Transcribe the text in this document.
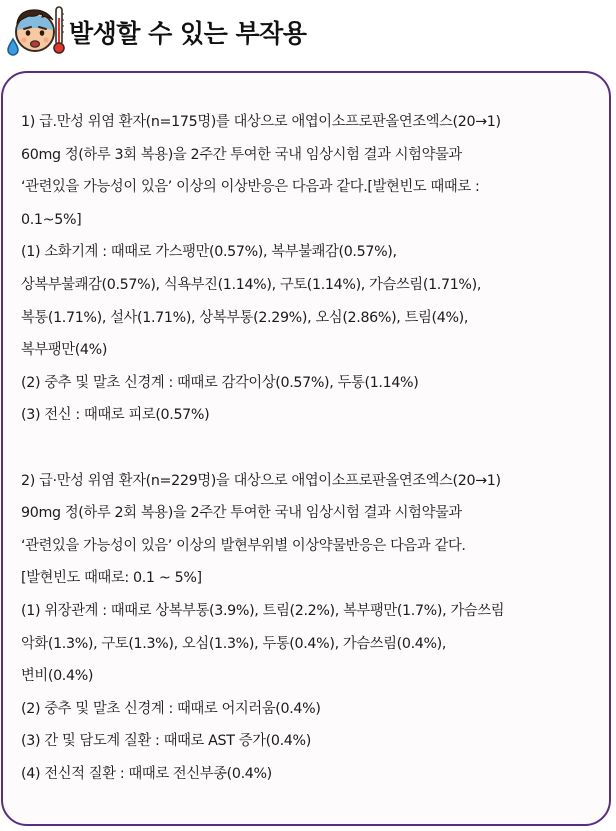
발생할 수 있는 부작용
1) 급.만성 위염 환자(n=175명)를 대상으로 애엽이소프로판올연조엑스(20→1)
60mg 정(하루 3회 복용)을 2주간 투여한 국내 임상시험 결과 시험약물과
‘관련있을 가능성이 있음’ 이상의 이상반응은 다음과 같다.[발현빈도 때때로 :
0.1~5%]
(1) 소화기계 : 때때로 가스팽만(0.57%), 복부불쾌감(0.57%),
상복부불쾌감(0.57%), 식욕부진(1.14%), 구토(1.14%), 가슴쓰림(1.71%),
복통(1.71%), 설사(1.71%), 상복부통(2.29%), 오심(2.86%), 트림(4%),
복부팽만(4%)
(2) 중추 및 말초 신경계 : 때때로 감각이상(0.57%), 두통(1.14%)
(3) 전신 : 때때로 피로(0.57%)
2) 급·만성 위염 환자(n=229명)을 대상으로 애엽이소프로판올연조엑스(20→1)
90mg 정(하루 2회 복용)을 2주간 투여한 국내 임상시험 결과 시험약물과
‘관련있을 가능성이 있음’ 이상의 발현부위별 이상약물반응은 다음과 같다.
[발현빈도 때때로: 0.1 ~ 5%]
(1) 위장관계 : 때때로 상복부통(3.9%), 트림(2.2%), 복부팽만(1.7%), 가슴쓰림
악화(1.3%), 구토(1.3%), 오심(1.3%), 두통(0.4%), 가슴쓰림(0.4%),
변비(0.4%)
(2) 중추 및 말초 신경계 : 때때로 어지러움(0.4%)
(3) 간 및 담도계 질환 : 때때로 AST 증가(0.4%)
(4) 전신적 질환 : 때때로 전신부종(0.4%)
